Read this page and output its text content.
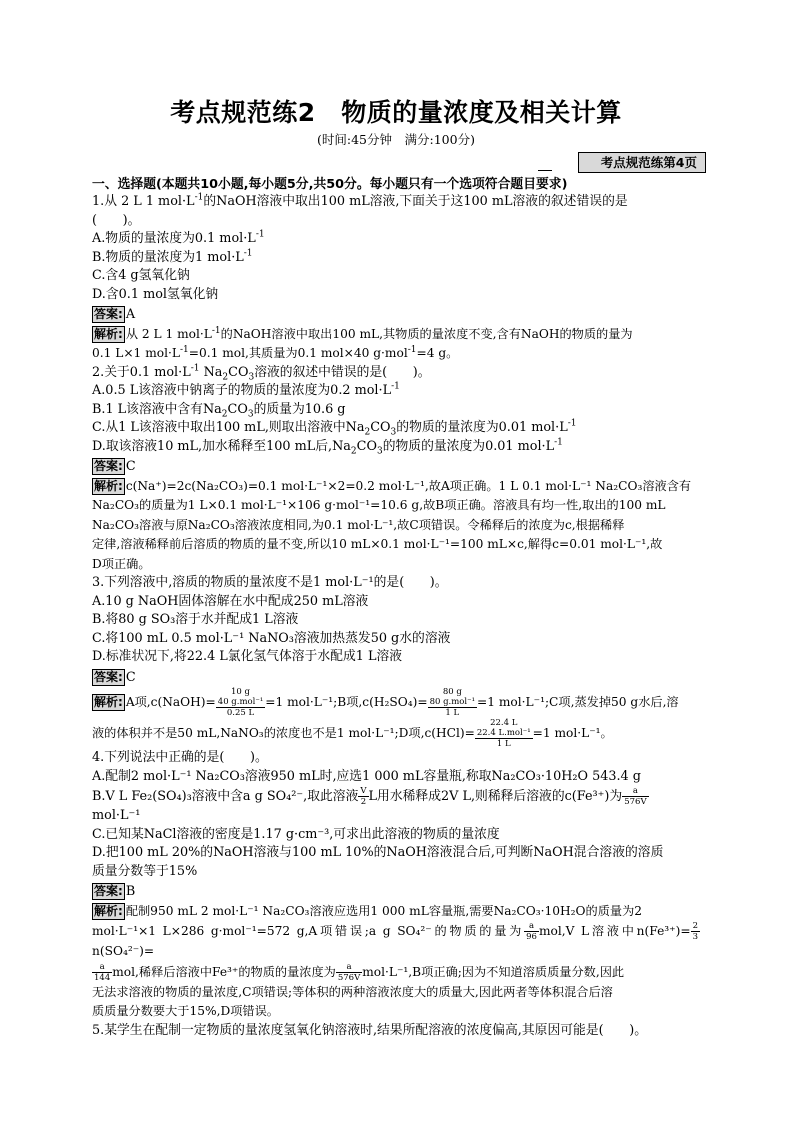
考点规范练2　物质的量浓度及相关计算
(时间:45分钟　满分:100分)
考点规范练第4页
一、选择题(本题共10小题,每小题5分,共50分。每小题只有一个选项符合题目要求)

1.从 2 L 1 $mol\cdot L^{-1}$的NaOH溶液中取出100 mL溶液,下面关于这100 mL溶液的叙述错误的是

(　　)。

A.物质的量浓度为0.1 $mol\cdot L^{-1}$

B.物质的量浓度为1 $mol\cdot L^{-1}$

C.含4 g氢氧化钠

D.含0.1 mol氢氧化钠

答案: A

解析: 从 2 L 1 $mol\cdot L^{-1}$的NaOH溶液中取出100 mL,其物质的量浓度不变,含有NaOH的物质的量为

0.1 L×1 $mol\cdot L^{-1}=0.1$ mol,其质量为0.1 mol×40 g·mol$^{-1}$=4 g。

2.关于0.1 $mol\cdot L^{-1}$ $Na_2CO_3$溶液的叙述中错误的是(　　)。

A.0.5 L该溶液中钠离子的物质的量浓度为0.2 $mol\cdot L^{-1}$

B.1 L该溶液中含有$Na_2CO_3$的质量为10.6 g

C.从1 L该溶液中取出100 mL,则取出溶液中$Na_2CO_3$的物质的量浓度为0.01 $mol\cdot L^{-1}$

D.取该溶液10 mL,加水稀释至100 mL后$,Na_2CO_3$的物质的量浓度为0.01 $mol\cdot L^{-1}$

答案: C

解析: c(Na⁺)=2c(Na₂CO₃)=0.1 mol·L⁻¹×2=0.2 mol·L⁻¹,故A项正确。1 L 0.1 mol·L⁻¹ Na₂CO₃溶液含有

Na₂CO₃的质量为1 L×0.1 mol·L⁻¹×106 g·mol⁻¹=10.6 g,故B项正确。溶液具有均一性,取出的100 mL

Na₂CO₃溶液与原Na₂CO₃溶液浓度相同,为0.1 mol·L⁻¹,故C项错误。令稀释后的浓度为c,根据稀释

定律,溶液稀释前后溶质的物质的量不变,所以10 mL×0.1 mol·L⁻¹=100 mL×c,解得c=0.01 mol·L⁻¹,故

D项正确。

3.下列溶液中,溶质的物质的量浓度不是1 mol·L⁻¹的是(　　)。

A.10 g NaOH固体溶解在水中配成250 mL溶液

B.将80 g SO₃溶于水并配成1 L溶液

C.将100 mL 0.5 mol·L⁻¹ NaNO₃溶液加热蒸发50 g水的溶液

D.标准状况下,将22.4 L氯化氢气体溶于水配成1 L溶液

答案: C

解析: A项,c(NaOH)=
10 g
40 g.mol⁻¹
0.25 L
=1 mol·L⁻¹;B项,c(H₂SO₄)=
80 g
80 g.mol⁻¹
1 L
=1 mol·L⁻¹;C项,蒸发掉50 g水后,溶

液的体积并不是50 mL,NaNO₃的浓度也不是1 mol·L⁻¹;D项,c(HCl)=
22.4 L
22.4 L.mol⁻¹
1 L
=1 mol·L⁻¹。

4.下列说法中正确的是(　　)。

A.配制2 mol·L⁻¹ Na₂CO₃溶液950 mL时,应选1 000 mL容量瓶,称取Na₂CO₃·10H₂O 543.4 g

B.V L Fe₂(SO₄)₃溶液中含a g SO₄²⁻,取此溶液 $\frac{V}{2}$ L用水稀释成2V L,则稀释后溶液的c(Fe³⁺)为 $\frac{a}{576V}$

mol·L⁻¹

C.已知某NaCl溶液的密度是1.17 g·cm⁻³,可求出此溶液的物质的量浓度

D.把100 mL 20%的NaOH溶液与100 mL 10%的NaOH溶液混合后,可判断NaOH混合溶液的溶质

质量分数等于15%

答案: B

解析: 配制950 mL 2 mol·L⁻¹ Na₂CO₃溶液应选用1 000 mL容量瓶,需要Na₂CO₃·10H₂O的质量为2

mol·L⁻¹×1 L×286 g·mol⁻¹=572 g,A项错误;a g SO₄²⁻的物质的量为 $\frac{a}{96} mol,V$ L溶液中$n(Fe^{3+})= \frac{2}{3}$
n(SO₄²⁻)=

$\frac{a}{144}$ mol,稀释后溶液中Fe³⁺的物质的量浓度为 $\frac{a}{576V} mol\cdot L^{-1},B$项正确;因为不知道溶质质量分数,因此

无法求溶液的物质的量浓度,C项错误;等体积的两种溶液浓度大的质量大,因此两者等体积混合后溶

质质量分数要大于15%,D项错误。

5.某学生在配制一定物质的量浓度氢氧化钠溶液时,结果所配溶液的浓度偏高,其原因可能是(　　)。
